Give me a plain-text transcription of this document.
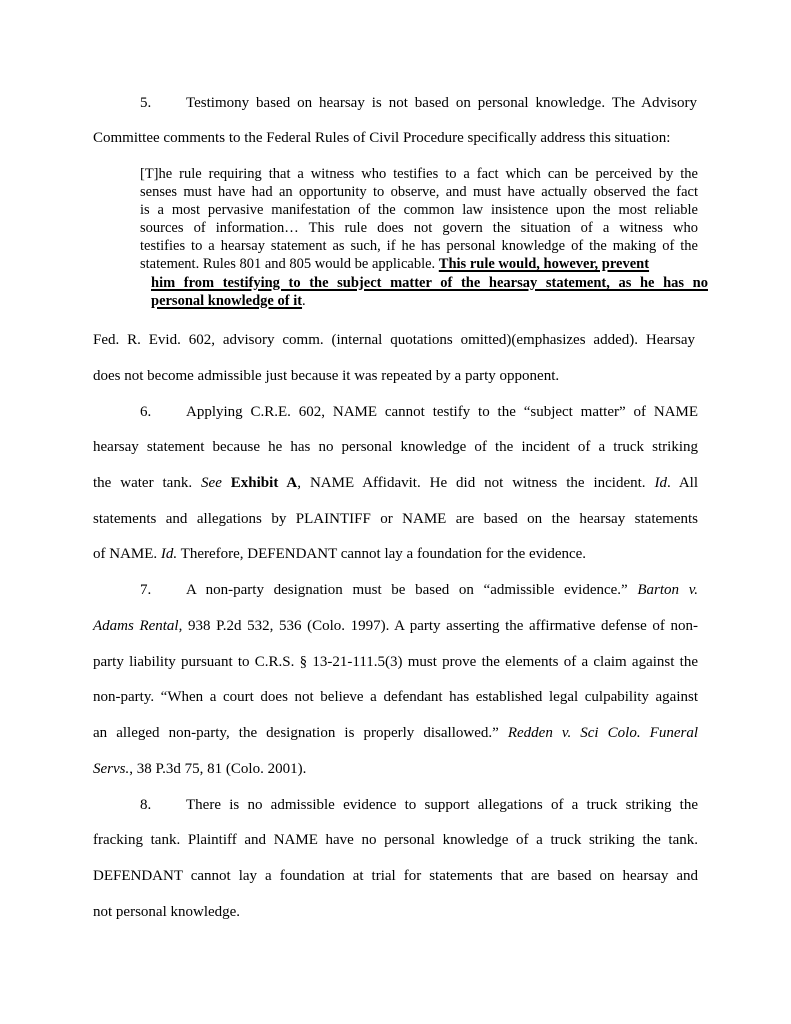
5. Testimony based on hearsay is not based on personal knowledge. The Advisory
Committee comments to the Federal Rules of Civil Procedure specifically address this situation:
[T]he rule requiring that a witness who testifies to a fact which can be perceived by the
senses must have had an opportunity to observe, and must have actually observed the fact
is a most pervasive manifestation of the common law insistence upon the most reliable
sources of information… This rule does not govern the situation of a witness who
testifies to a hearsay statement as such, if he has personal knowledge of the making of the
statement. Rules 801 and 805 would be applicable. This rule would, however, prevent
him from testifying to the subject matter of the hearsay statement, as he has no
personal knowledge of it.
Fed. R. Evid. 602, advisory comm. (internal quotations omitted)(emphasizes added). Hearsay
does not become admissible just because it was repeated by a party opponent.
6. Applying C.R.E. 602, NAME cannot testify to the “subject matter” of NAME
hearsay statement because he has no personal knowledge of the incident of a truck striking
the water tank. See Exhibit A, NAME Affidavit. He did not witness the incident. Id. All
statements and allegations by PLAINTIFF or NAME are based on the hearsay statements
of NAME. Id. Therefore, DEFENDANT cannot lay a foundation for the evidence.
7. A non-party designation must be based on “admissible evidence.” Barton v.
Adams Rental, 938 P.2d 532, 536 (Colo. 1997). A party asserting the affirmative defense of non-
party liability pursuant to C.R.S. § 13-21-111.5(3) must prove the elements of a claim against the
non-party. “When a court does not believe a defendant has established legal culpability against
an alleged non-party, the designation is properly disallowed.” Redden v. Sci Colo. Funeral
Servs., 38 P.3d 75, 81 (Colo. 2001).
8. There is no admissible evidence to support allegations of a truck striking the
fracking tank. Plaintiff and NAME have no personal knowledge of a truck striking the tank.
DEFENDANT cannot lay a foundation at trial for statements that are based on hearsay and
not personal knowledge.
